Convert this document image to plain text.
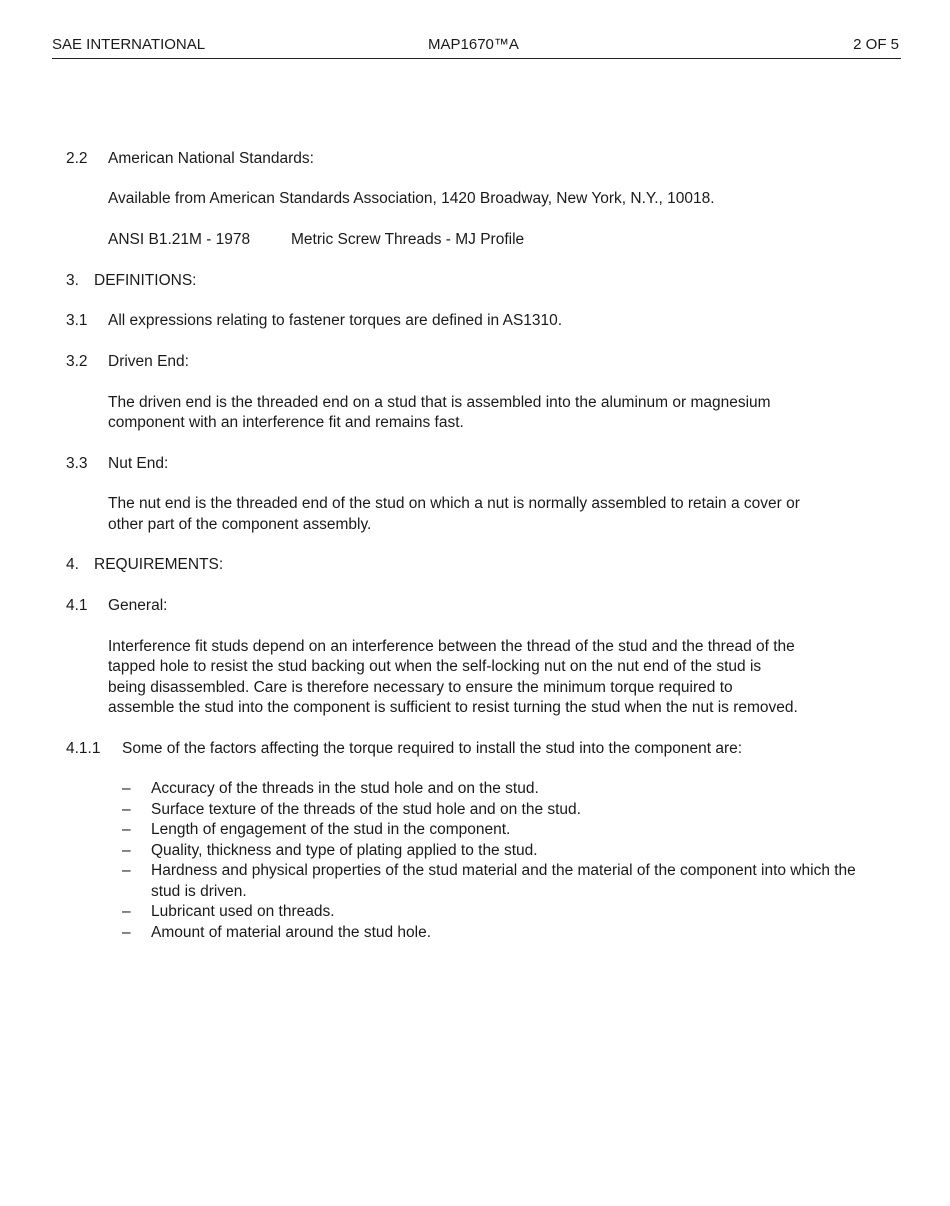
SAE INTERNATIONAL	MAP1670™A	2 OF 5
2.2 American National Standards:
Available from American Standards Association, 1420 Broadway, New York, N.Y., 10018.
ANSI B1.21M - 1978	Metric Screw Threads - MJ Profile
3. DEFINITIONS:
3.1 All expressions relating to fastener torques are defined in AS1310.
3.2 Driven End:
The driven end is the threaded end on a stud that is assembled into the aluminum or magnesium
component with an interference fit and remains fast.
3.3 Nut End:
The nut end is the threaded end of the stud on which a nut is normally assembled to retain a cover or
other part of the component assembly.
4. REQUIREMENTS:
4.1 General:
Interference fit studs depend on an interference between the thread of the stud and the thread of the
tapped hole to resist the stud backing out when the self-locking nut on the nut end of the stud is
being disassembled. Care is therefore necessary to ensure the minimum torque required to
assemble the stud into the component is sufficient to resist turning the stud when the nut is removed.
4.1.1 Some of the factors affecting the torque required to install the stud into the component are:
– Accuracy of the threads in the stud hole and on the stud.
– Surface texture of the threads of the stud hole and on the stud.
– Length of engagement of the stud in the component.
– Quality, thickness and type of plating applied to the stud.
– Hardness and physical properties of the stud material and the material of the component into which the stud is driven.
– Lubricant used on threads.
– Amount of material around the stud hole.
